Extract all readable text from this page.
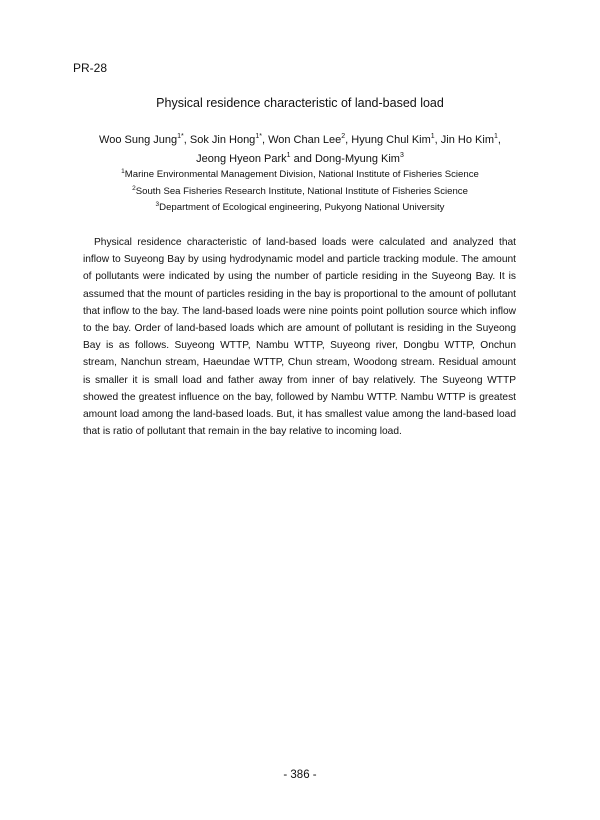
PR-28
Physical residence characteristic of land-based load
Woo Sung Jung$^{1*}$, Sok Jin Hong$^{1*}$, Won Chan Lee$^2$, Hyung Chul Kim$^1$, Jin Ho Kim$^1$,
Jeong Hyeon Park$^1$ and Dong-Myung Kim$^3$
$^1$Marine Environmental Management Division, National Institute of Fisheries Science
$^2$South Sea Fisheries Research Institute, National Institute of Fisheries Science
$^3$Department of Ecological engineering, Pukyong National University

Physical residence characteristic of land-based loads were calculated and analyzed that inflow to Suyeong Bay by using hydrodynamic model and particle tracking module. The amount of pollutants were indicated by using the number of particle residing in the Suyeong Bay. It is assumed that the mount of particles residing in the bay is proportional to the amount of pollutant that inflow to the bay. The land-based loads were nine points point pollution source which inflow to the bay. Order of land-based loads which are amount of pollutant is residing in the Suyeong Bay is as follows. Suyeong WTTP, Nambu WTTP, Suyeong river, Dongbu WTTP, Onchun stream, Nanchun stream, Haeundae WTTP, Chun stream, Woodong stream. Residual amount is smaller it is small load and father away from inner of bay relatively. The Suyeong WTTP showed the greatest influence on the bay, followed by Nambu WTTP. Nambu WTTP is greatest amount load among the land-based loads. But, it has smallest value among the land-based load that is ratio of pollutant that remain in the bay relative to incoming load.

- 386 -
